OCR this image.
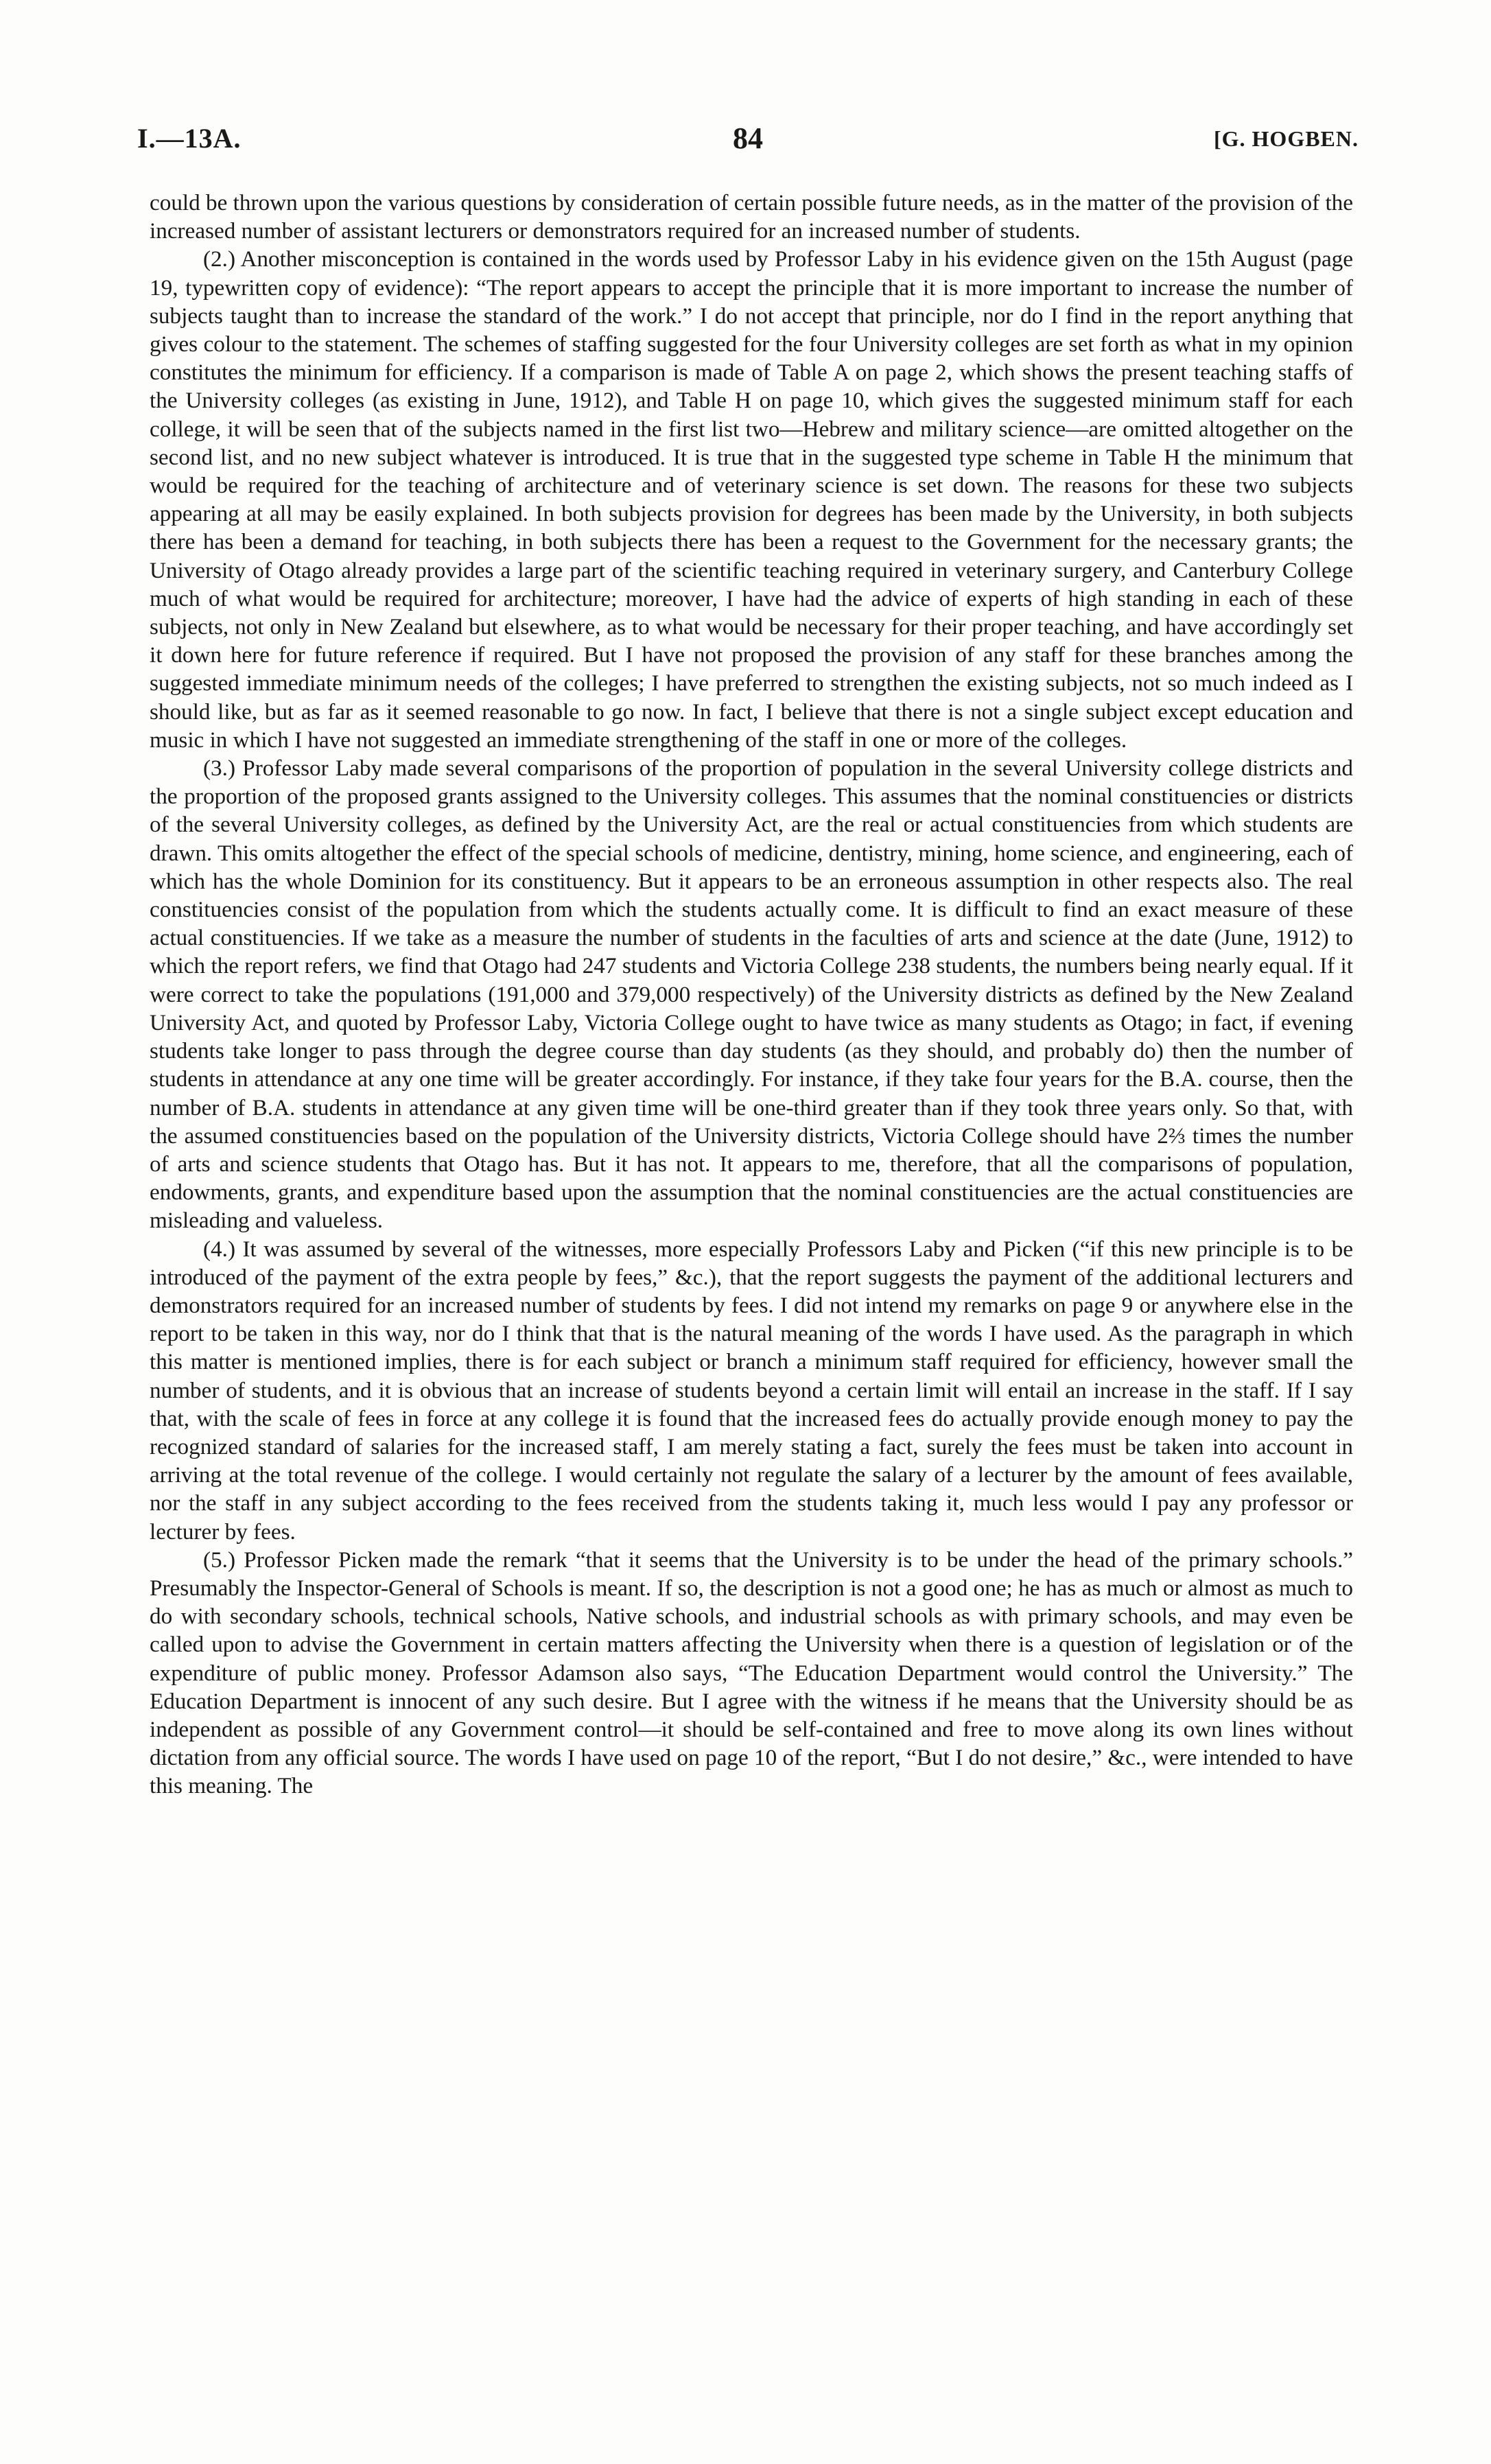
I.—13A.	84	[G. HOGBEN.

could be thrown upon the various questions by consideration of certain possible future needs, as in the matter of the provision of the increased number of assistant lecturers or demonstrators required for an increased number of students.

(2.) Another misconception is contained in the words used by Professor Laby in his evidence given on the 15th August (page 19, typewritten copy of evidence): “The report appears to accept the principle that it is more important to increase the number of subjects taught than to increase the standard of the work.” I do not accept that principle, nor do I find in the report anything that gives colour to the statement. The schemes of staffing suggested for the four University colleges are set forth as what in my opinion constitutes the minimum for efficiency. If a comparison is made of Table A on page 2, which shows the present teaching staffs of the University colleges (as existing in June, 1912), and Table H on page 10, which gives the suggested minimum staff for each college, it will be seen that of the subjects named in the first list two—Hebrew and military science—are omitted altogether on the second list, and no new subject whatever is introduced. It is true that in the suggested type scheme in Table H the minimum that would be required for the teaching of architecture and of veterinary science is set down. The reasons for these two subjects appearing at all may be easily explained. In both subjects provision for degrees has been made by the University, in both subjects there has been a demand for teaching, in both subjects there has been a request to the Government for the necessary grants; the University of Otago already provides a large part of the scientific teaching required in veterinary surgery, and Canterbury College much of what would be required for architecture; moreover, I have had the advice of experts of high standing in each of these subjects, not only in New Zealand but elsewhere, as to what would be necessary for their proper teaching, and have accordingly set it down here for future reference if required. But I have not proposed the provision of any staff for these branches among the suggested immediate minimum needs of the colleges; I have preferred to strengthen the existing subjects, not so much indeed as I should like, but as far as it seemed reasonable to go now. In fact, I believe that there is not a single subject except education and music in which I have not suggested an immediate strengthening of the staff in one or more of the colleges.

(3.) Professor Laby made several comparisons of the proportion of population in the several University college districts and the proportion of the proposed grants assigned to the University colleges. This assumes that the nominal constituencies or districts of the several University colleges, as defined by the University Act, are the real or actual constituencies from which students are drawn. This omits altogether the effect of the special schools of medicine, dentistry, mining, home science, and engineering, each of which has the whole Dominion for its constituency. But it appears to be an erroneous assumption in other respects also. The real constituencies consist of the population from which the students actually come. It is difficult to find an exact measure of these actual constituencies. If we take as a measure the number of students in the faculties of arts and science at the date (June, 1912) to which the report refers, we find that Otago had 247 students and Victoria College 238 students, the numbers being nearly equal. If it were correct to take the populations (191,000 and 379,000 respectively) of the University districts as defined by the New Zealand University Act, and quoted by Professor Laby, Victoria College ought to have twice as many students as Otago; in fact, if evening students take longer to pass through the degree course than day students (as they should, and probably do) then the number of students in attendance at any one time will be greater accordingly. For instance, if they take four years for the B.A. course, then the number of B.A. students in attendance at any given time will be one-third greater than if they took three years only. So that, with the assumed constituencies based on the population of the University districts, Victoria College should have 2⅔ times the number of arts and science students that Otago has. But it has not. It appears to me, therefore, that all the comparisons of population, endowments, grants, and expenditure based upon the assumption that the nominal constituencies are the actual constituencies are misleading and valueless.

(4.) It was assumed by several of the witnesses, more especially Professors Laby and Picken (“if this new principle is to be introduced of the payment of the extra people by fees,” &c.), that the report suggests the payment of the additional lecturers and demonstrators required for an increased number of students by fees. I did not intend my remarks on page 9 or anywhere else in the report to be taken in this way, nor do I think that that is the natural meaning of the words I have used. As the paragraph in which this matter is mentioned implies, there is for each subject or branch a minimum staff required for efficiency, however small the number of students, and it is obvious that an increase of students beyond a certain limit will entail an increase in the staff. If I say that, with the scale of fees in force at any college it is found that the increased fees do actually provide enough money to pay the recognized standard of salaries for the increased staff, I am merely stating a fact, surely the fees must be taken into account in arriving at the total revenue of the college. I would certainly not regulate the salary of a lecturer by the amount of fees available, nor the staff in any subject according to the fees received from the students taking it, much less would I pay any professor or lecturer by fees.

(5.) Professor Picken made the remark “that it seems that the University is to be under the head of the primary schools.” Presumably the Inspector-General of Schools is meant. If so, the description is not a good one; he has as much or almost as much to do with secondary schools, technical schools, Native schools, and industrial schools as with primary schools, and may even be called upon to advise the Government in certain matters affecting the University when there is a question of legislation or of the expenditure of public money. Professor Adamson also says, “The Education Department would control the University.” The Education Department is innocent of any such desire. But I agree with the witness if he means that the University should be as independent as possible of any Government control—it should be self-contained and free to move along its own lines without dictation from any official source. The words I have used on page 10 of the report, “But I do not desire,” &c., were intended to have this meaning. The
